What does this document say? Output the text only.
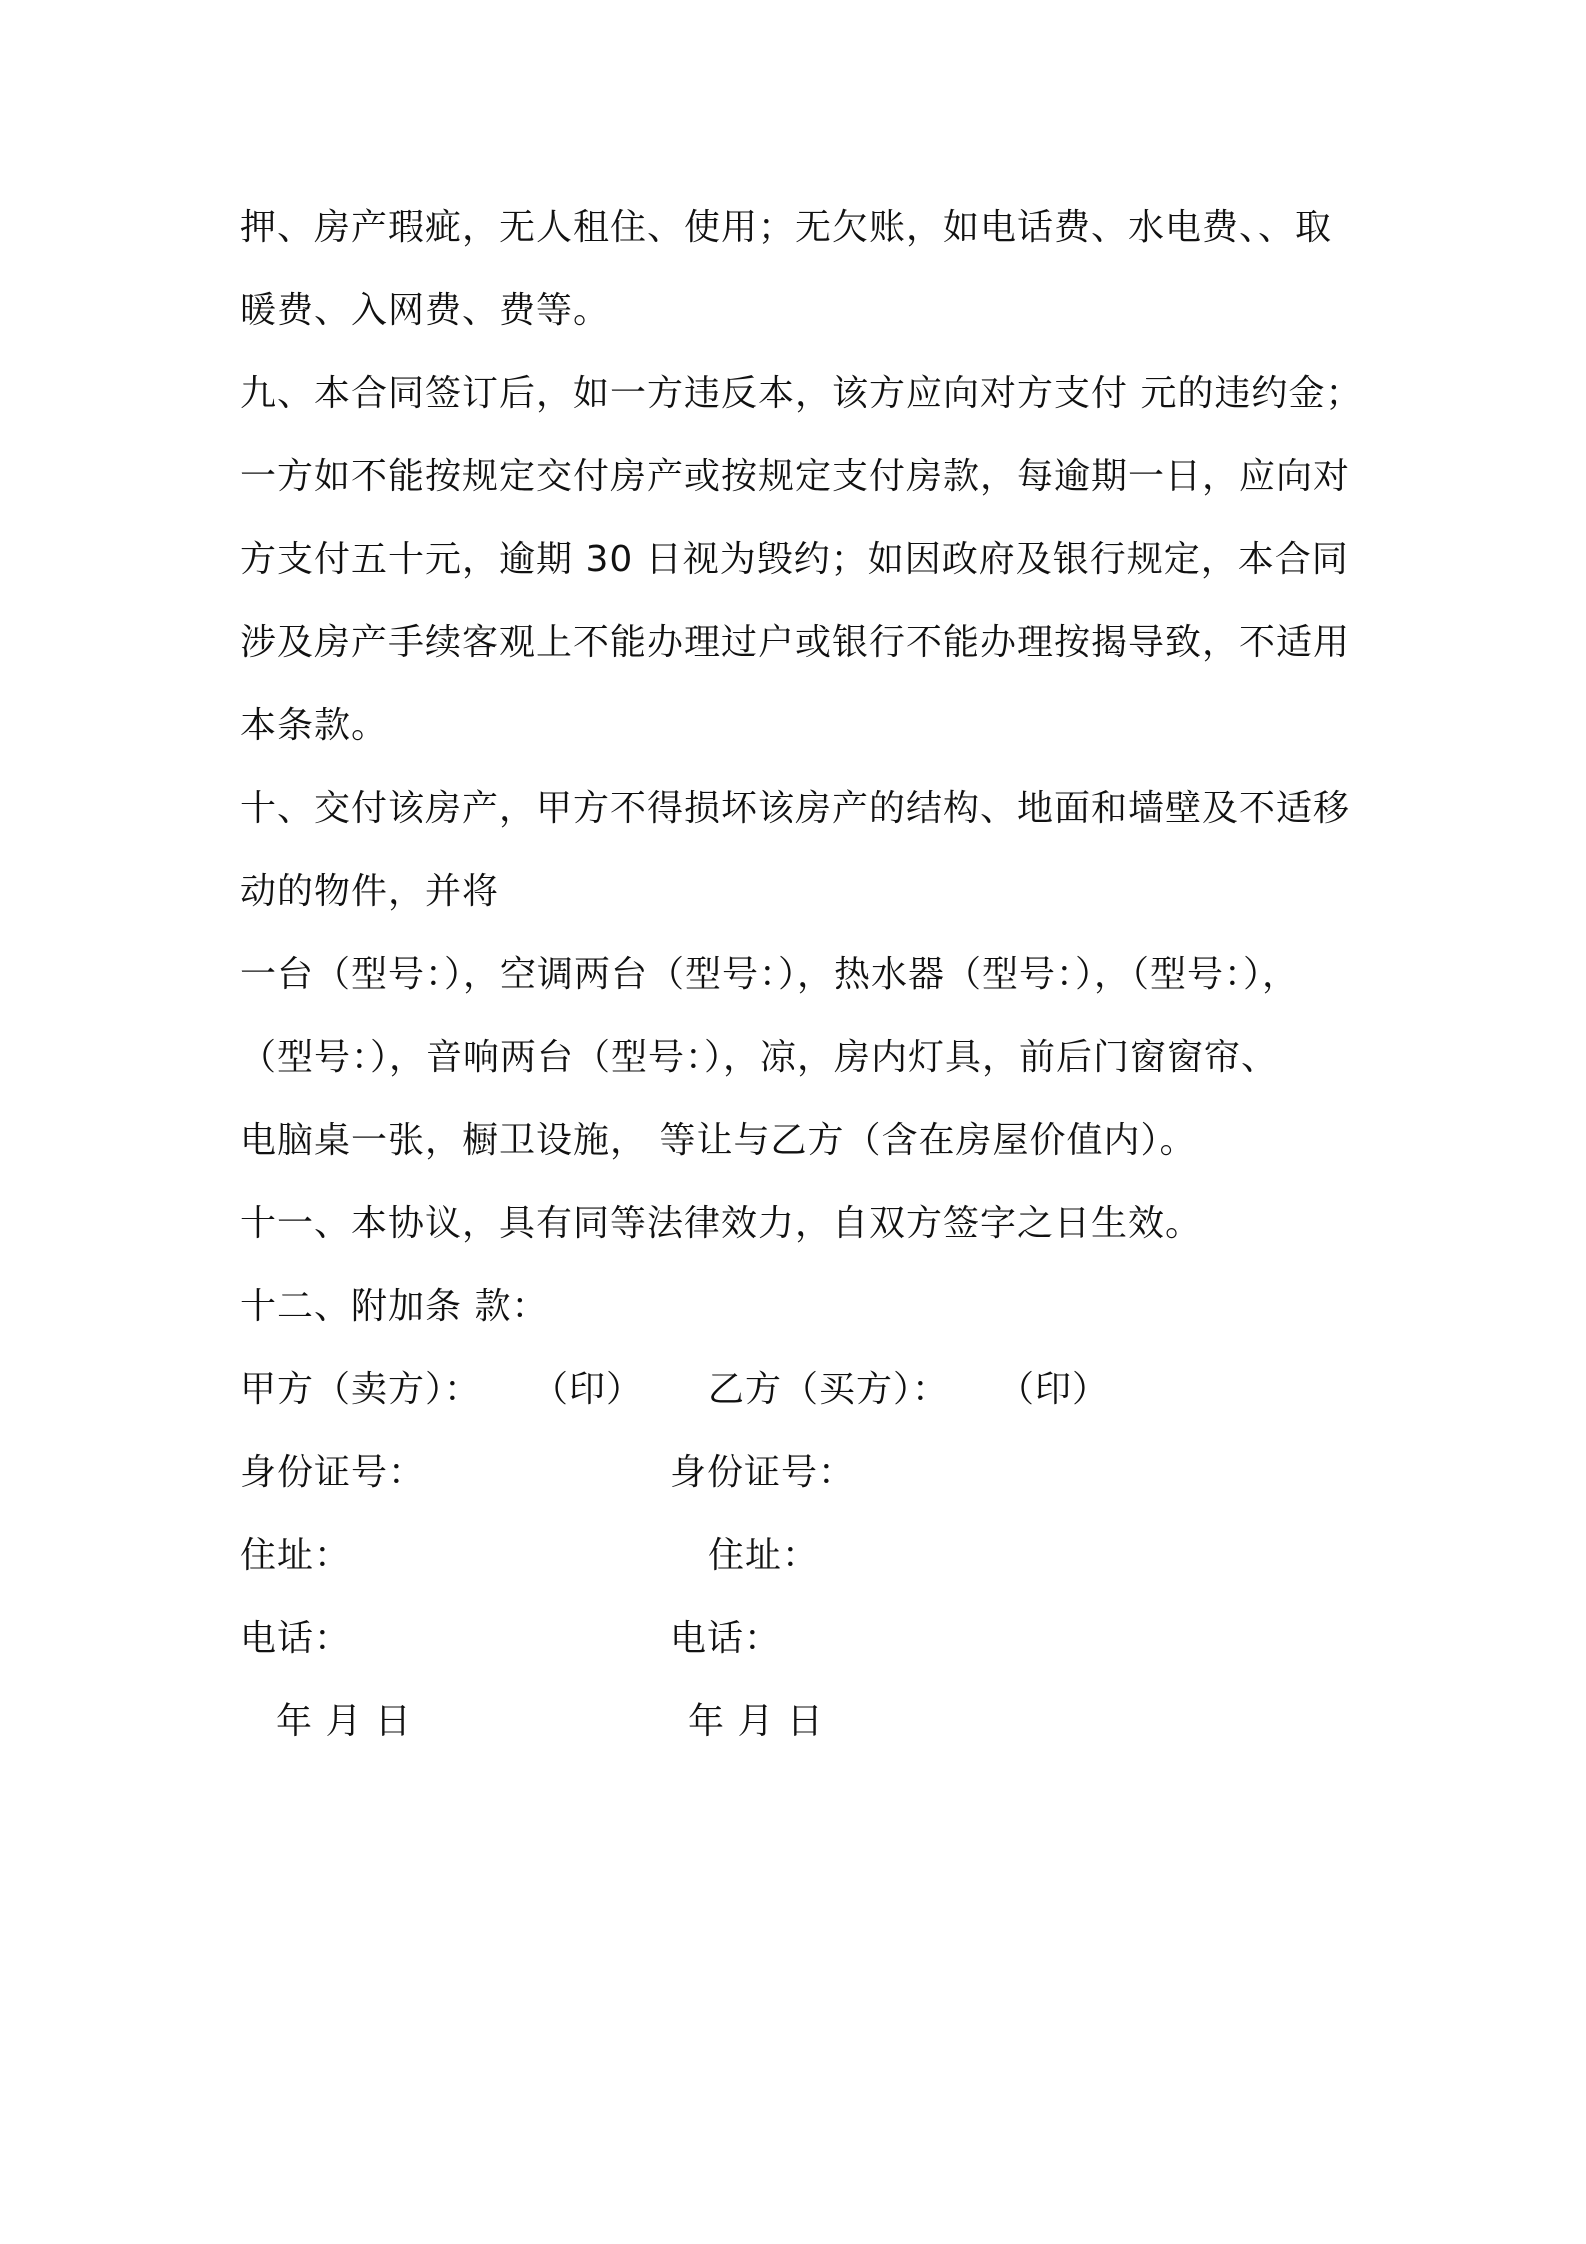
押、房产瑕疵，无人租住、使用；无欠账，如电话费、水电费、、取
暖费、入网费、费等。
九、本合同签订后，如一方违反本，该方应向对方支付 元的违约金；
一方如不能按规定交付房产或按规定支付房款，每逾期一日，应向对
方支付五十元，逾期 30 日视为毁约；如因政府及银行规定，本合同
涉及房产手续客观上不能办理过户或银行不能办理按揭导致，不适用
本条款。
十、交付该房产，甲方不得损坏该房产的结构、地面和墙壁及不适移
动的物件，并将
一台（型号：），空调两台（型号：），热水器（型号：），（型号：），
（型号：），音响两台（型号：），凉，房内灯具，前后门窗窗帘、
电脑桌一张，橱卫设施， 等让与乙方（含在房屋价值内）。
十一、本协议，具有同等法律效力，自双方签字之日生效。
十二、附加条 款：
甲方（卖方）： （印） 乙方（买方）： （印）
身份证号：	身份证号：
住址：	住址：
电话：	电话：
年 月 日	年 月 日
